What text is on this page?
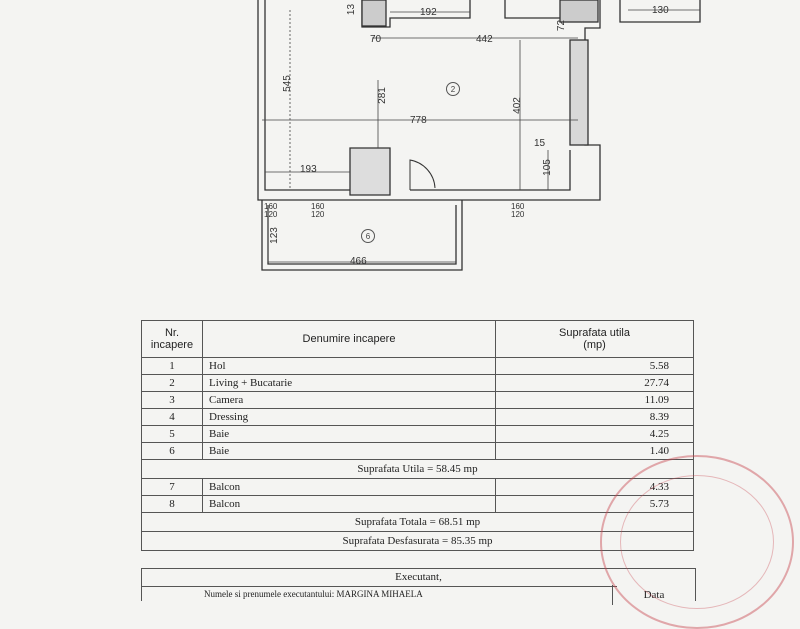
13	192	130
70	442
72
545
281
778
402
15
193	105
123
466
160
120
160
120
160
120
2
6
Nr.
incapere	Denumire incapere	Suprafata utila
(mp)
1	Hol	5.58
2	Living + Bucatarie	27.74
3	Camera	11.09
4	Dressing	8.39
5	Baie	4.25
6	Baie	1.40
Suprafata Utila = 58.45 mp		
7	Balcon	4.33
8	Balcon	5.73
Suprafata Totala = 68.51 mp		
Suprafata Desfasurata = 85.35 mp		
Executant,
Numele si prenumele executantului: MARGINA MIHAELA	Data
